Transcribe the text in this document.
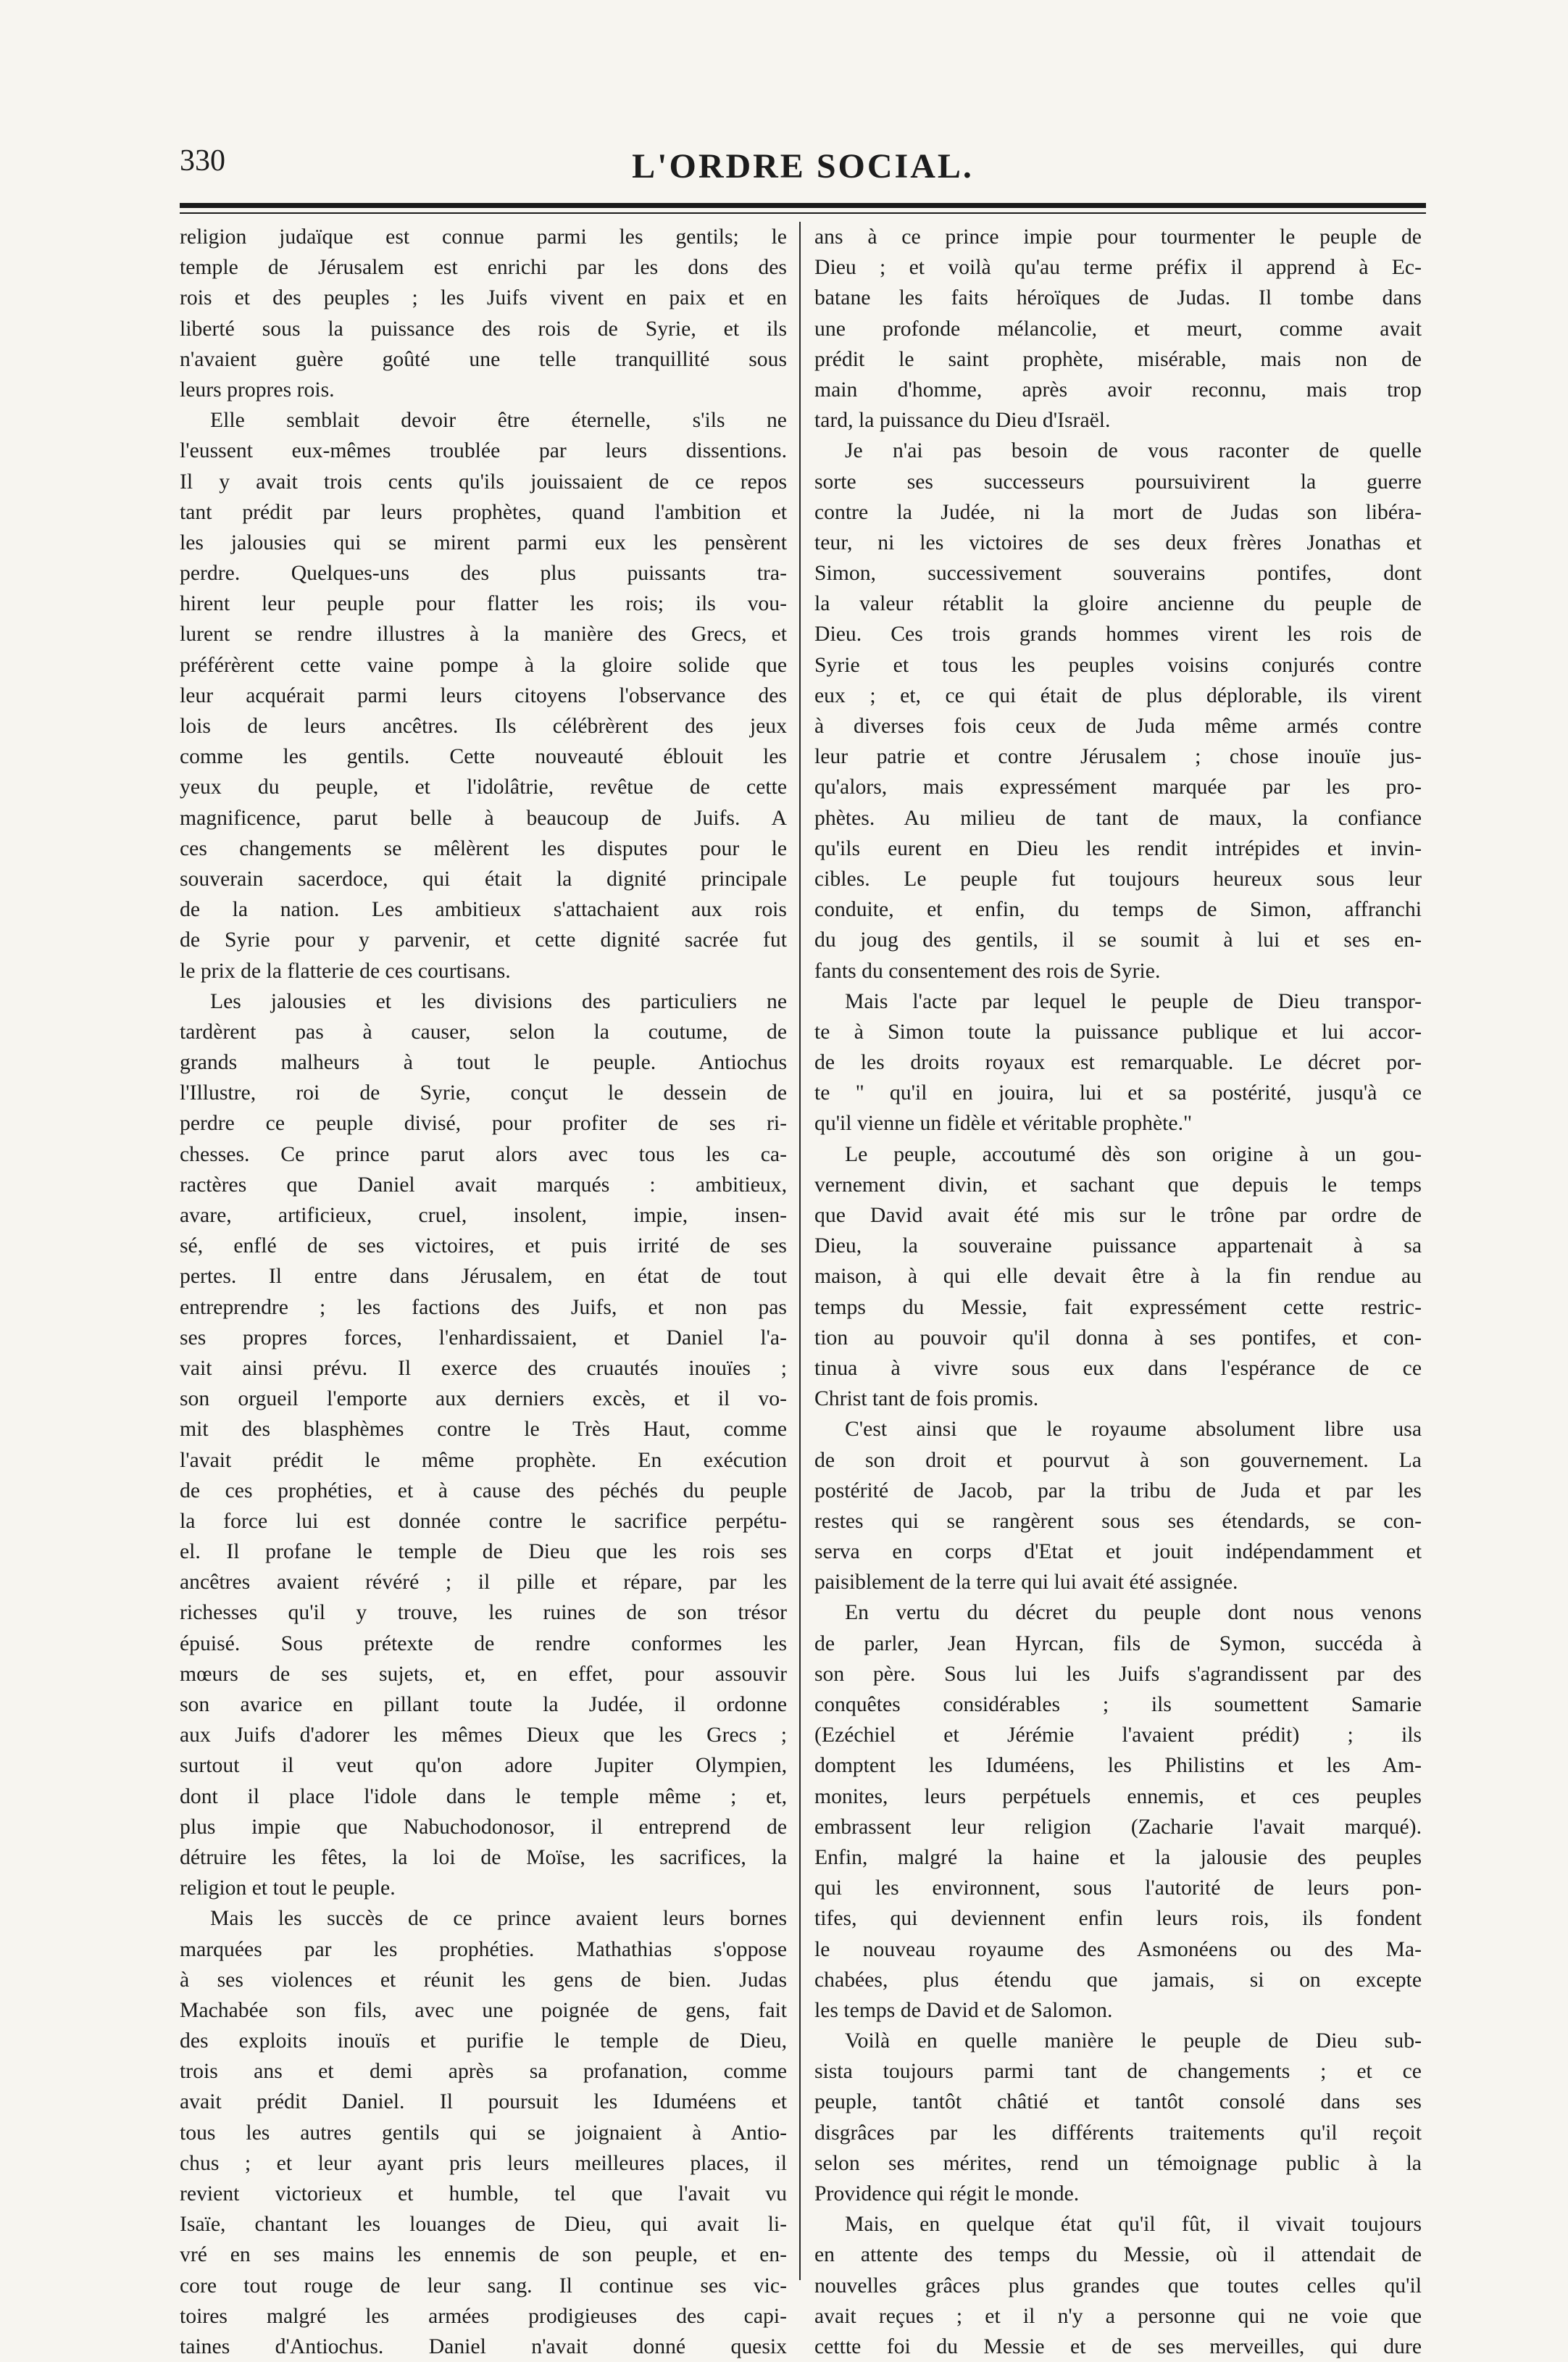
330	L'ORDRE SOCIAL.
religion judaïque est connue parmi les gentils; le
temple de Jérusalem est enrichi par les dons des
rois et des peuples ; les Juifs vivent en paix et en
liberté sous la puissance des rois de Syrie, et ils
n'avaient guère goûté une telle tranquillité sous
leurs propres rois.
Elle semblait devoir être éternelle, s'ils ne
l'eussent eux-mêmes troublée par leurs dissentions.
Il y avait trois cents qu'ils jouissaient de ce repos
tant prédit par leurs prophètes, quand l'ambition et
les jalousies qui se mirent parmi eux les pensèrent
perdre. Quelques-uns des plus puissants tra-
hirent leur peuple pour flatter les rois; ils vou-
lurent se rendre illustres à la manière des Grecs, et
préférèrent cette vaine pompe à la gloire solide que
leur acquérait parmi leurs citoyens l'observance des
lois de leurs ancêtres. Ils célébrèrent des jeux
comme les gentils. Cette nouveauté éblouit les
yeux du peuple, et l'idolâtrie, revêtue de cette
magnificence, parut belle à beaucoup de Juifs. A
ces changements se mêlèrent les disputes pour le
souverain sacerdoce, qui était la dignité principale
de la nation. Les ambitieux s'attachaient aux rois
de Syrie pour y parvenir, et cette dignité sacrée fut
le prix de la flatterie de ces courtisans.
Les jalousies et les divisions des particuliers ne
tardèrent pas à causer, selon la coutume, de
grands malheurs à tout le peuple. Antiochus
l'Illustre, roi de Syrie, conçut le dessein de
perdre ce peuple divisé, pour profiter de ses ri-
chesses. Ce prince parut alors avec tous les ca-
ractères que Daniel avait marqués : ambitieux,
avare, artificieux, cruel, insolent, impie, insen-
sé, enflé de ses victoires, et puis irrité de ses
pertes. Il entre dans Jérusalem, en état de tout
entreprendre ; les factions des Juifs, et non pas
ses propres forces, l'enhardissaient, et Daniel l'a-
vait ainsi prévu. Il exerce des cruautés inouïes ;
son orgueil l'emporte aux derniers excès, et il vo-
mit des blasphèmes contre le Très Haut, comme
l'avait prédit le même prophète. En exécution
de ces prophéties, et à cause des péchés du peuple
la force lui est donnée contre le sacrifice perpétu-
el. Il profane le temple de Dieu que les rois ses
ancêtres avaient révéré ; il pille et répare, par les
richesses qu'il y trouve, les ruines de son trésor
épuisé. Sous prétexte de rendre conformes les
mœurs de ses sujets, et, en effet, pour assouvir
son avarice en pillant toute la Judée, il ordonne
aux Juifs d'adorer les mêmes Dieux que les Grecs ;
surtout il veut qu'on adore Jupiter Olympien,
dont il place l'idole dans le temple même ; et,
plus impie que Nabuchodonosor, il entreprend de
détruire les fêtes, la loi de Moïse, les sacrifices, la
religion et tout le peuple.
Mais les succès de ce prince avaient leurs bornes
marquées par les prophéties. Mathathias s'oppose
à ses violences et réunit les gens de bien. Judas
Machabée son fils, avec une poignée de gens, fait
des exploits inouïs et purifie le temple de Dieu,
trois ans et demi après sa profanation, comme
avait prédit Daniel. Il poursuit les Iduméens et
tous les autres gentils qui se joignaient à Antio-
chus ; et leur ayant pris leurs meilleures places, il
revient victorieux et humble, tel que l'avait vu
Isaïe, chantant les louanges de Dieu, qui avait li-
vré en ses mains les ennemis de son peuple, et en-
core tout rouge de leur sang. Il continue ses vic-
toires malgré les armées prodigieuses des capi-
taines d'Antiochus. Daniel n'avait donné quesix
ans à ce prince impie pour tourmenter le peuple de
Dieu ; et voilà qu'au terme préfix il apprend à Ec-
batane les faits héroïques de Judas. Il tombe dans
une profonde mélancolie, et meurt, comme avait
prédit le saint prophète, misérable, mais non de
main d'homme, après avoir reconnu, mais trop
tard, la puissance du Dieu d'Israël.
Je n'ai pas besoin de vous raconter de quelle
sorte ses successeurs poursuivirent la guerre
contre la Judée, ni la mort de Judas son libéra-
teur, ni les victoires de ses deux frères Jonathas et
Simon, successivement souverains pontifes, dont
la valeur rétablit la gloire ancienne du peuple de
Dieu. Ces trois grands hommes virent les rois de
Syrie et tous les peuples voisins conjurés contre
eux ; et, ce qui était de plus déplorable, ils virent
à diverses fois ceux de Juda même armés contre
leur patrie et contre Jérusalem ; chose inouïe jus-
qu'alors, mais expressément marquée par les pro-
phètes. Au milieu de tant de maux, la confiance
qu'ils eurent en Dieu les rendit intrépides et invin-
cibles. Le peuple fut toujours heureux sous leur
conduite, et enfin, du temps de Simon, affranchi
du joug des gentils, il se soumit à lui et ses en-
fants du consentement des rois de Syrie.
Mais l'acte par lequel le peuple de Dieu transpor-
te à Simon toute la puissance publique et lui accor-
de les droits royaux est remarquable. Le décret por-
te " qu'il en jouira, lui et sa postérité, jusqu'à ce
qu'il vienne un fidèle et véritable prophète."
Le peuple, accoutumé dès son origine à un gou-
vernement divin, et sachant que depuis le temps
que David avait été mis sur le trône par ordre de
Dieu, la souveraine puissance appartenait à sa
maison, à qui elle devait être à la fin rendue au
temps du Messie, fait expressément cette restric-
tion au pouvoir qu'il donna à ses pontifes, et con-
tinua à vivre sous eux dans l'espérance de ce
Christ tant de fois promis.
C'est ainsi que le royaume absolument libre usa
de son droit et pourvut à son gouvernement. La
postérité de Jacob, par la tribu de Juda et par les
restes qui se rangèrent sous ses étendards, se con-
serva en corps d'Etat et jouit indépendamment et
paisiblement de la terre qui lui avait été assignée.
En vertu du décret du peuple dont nous venons
de parler, Jean Hyrcan, fils de Symon, succéda à
son père. Sous lui les Juifs s'agrandissent par des
conquêtes considérables ; ils soumettent Samarie
(Ezéchiel et Jérémie l'avaient prédit) ; ils
domptent les Iduméens, les Philistins et les Am-
monites, leurs perpétuels ennemis, et ces peuples
embrassent leur religion (Zacharie l'avait marqué).
Enfin, malgré la haine et la jalousie des peuples
qui les environnent, sous l'autorité de leurs pon-
tifes, qui deviennent enfin leurs rois, ils fondent
le nouveau royaume des Asmonéens ou des Ma-
chabées, plus étendu que jamais, si on excepte
les temps de David et de Salomon.
Voilà en quelle manière le peuple de Dieu sub-
sista toujours parmi tant de changements ; et ce
peuple, tantôt châtié et tantôt consolé dans ses
disgrâces par les différents traitements qu'il reçoit
selon ses mérites, rend un témoignage public à la
Providence qui régit le monde.
Mais, en quelque état qu'il fût, il vivait toujours
en attente des temps du Messie, où il attendait de
nouvelles grâces plus grandes que toutes celles qu'il
avait reçues ; et il n'y a personne qui ne voie que
cettte foi du Messie et de ses merveilles, qui dure
